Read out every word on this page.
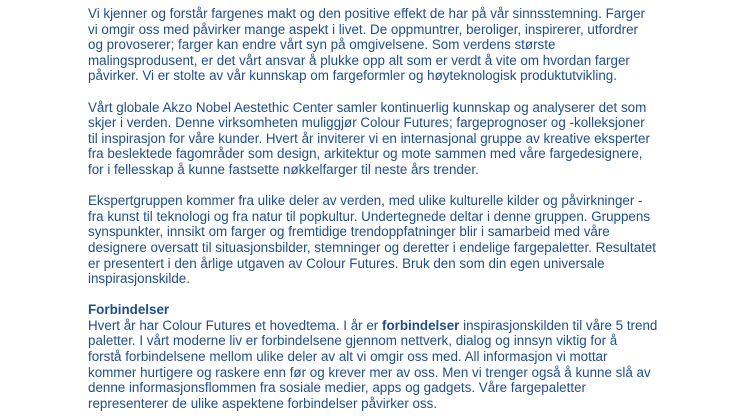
Vi kjenner og forstår fargenes makt og den positive effekt de har på vår sinnsstemning. Farger
vi omgir oss med påvirker mange aspekt i livet. De oppmuntrer, beroliger, inspirerer, utfordrer
og provoserer; farger kan endre vårt syn på omgivelsene. Som verdens største
malingsprodusent, er det vårt ansvar å plukke opp alt som er verdt å vite om hvordan farger
påvirker. Vi er stolte av vår kunnskap om fargeformler og høyteknologisk produktutvikling.

Vårt globale Akzo Nobel Aestethic Center samler kontinuerlig kunnskap og analyserer det som
skjer i verden. Denne virksomheten muliggjør Colour Futures; fargeprognoser og -kolleksjoner
til inspirasjon for våre kunder. Hvert år inviterer vi en internasjonal gruppe av kreative eksperter
fra beslektede fagområder som design, arkitektur og mote sammen med våre fargedesignere,
for i fellesskap å kunne fastsette nøkkelfarger til neste års trender.

Ekspertgruppen kommer fra ulike deler av verden, med ulike kulturelle kilder og påvirkninger -
fra kunst til teknologi og fra natur til popkultur. Undertegnede deltar i denne gruppen. Gruppens
synspunkter, innsikt om farger og fremtidige trendoppfatninger blir i samarbeid med våre
designere oversatt til situasjonsbilder, stemninger og deretter i endelige fargepaletter. Resultatet
er presentert i den årlige utgaven av Colour Futures. Bruk den som din egen universale
inspirasjonskilde.

Forbindelser

Hvert år har Colour Futures et hovedtema. I år er forbindelser inspirasjonskilden til våre 5 trend
paletter. I vårt moderne liv er forbindelsene gjennom nettverk, dialog og innsyn viktig for å
forstå forbindelsene mellom ulike deler av alt vi omgir oss med. All informasjon vi mottar
kommer hurtigere og raskere enn før og krever mer av oss. Men vi trenger også å kunne slå av
denne informasjonsflommen fra sosiale medier, apps og gadgets. Våre fargepaletter
representerer de ulike aspektene forbindelser påvirker oss.
